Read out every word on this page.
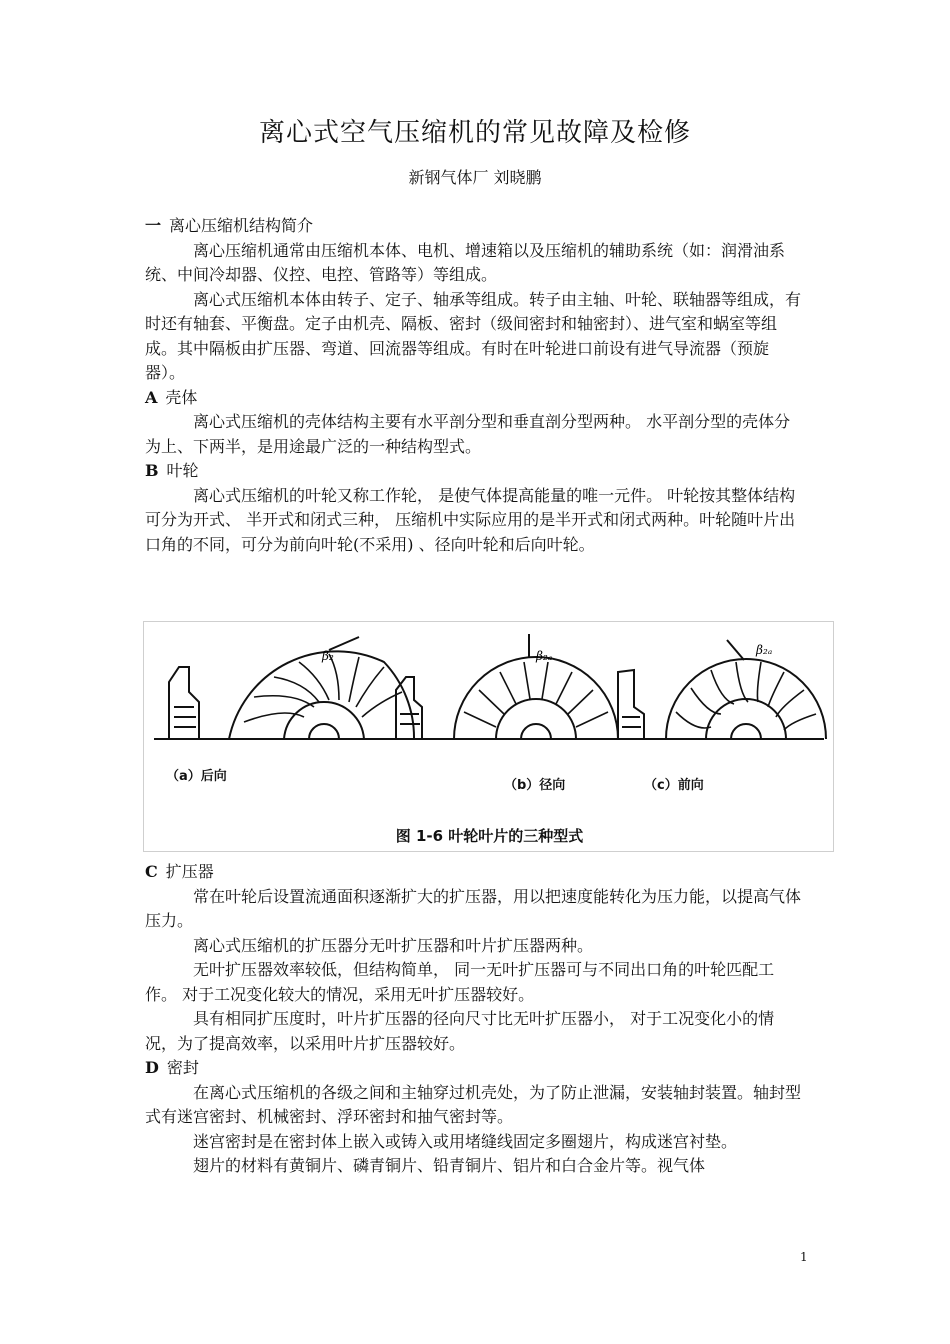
离心式空气压缩机的常见故障及检修
新钢气体厂 刘晓鹏

一 离心压缩机结构简介

离心压缩机通常由压缩机本体、电机、增速箱以及压缩机的辅助系统（如：润滑油系统、中间冷却器、仪控、电控、管路等）等组成。

离心式压缩机本体由转子、定子、轴承等组成。转子由主轴、叶轮、联轴器等组成，有时还有轴套、平衡盘。定子由机壳、隔板、密封（级间密封和轴密封）、进气室和蜗室等组成。其中隔板由扩压器、弯道、回流器等组成。有时在叶轮进口前设有进气导流器（预旋器）。

A 壳体

离心式压缩机的壳体结构主要有水平剖分型和垂直剖分型两种。 水平剖分型的壳体分为上、下两半，是用途最广泛的一种结构型式。

B 叶轮

离心式压缩机的叶轮又称工作轮， 是使气体提高能量的唯一元件。 叶轮按其整体结构可分为开式、 半开式和闭式三种， 压缩机中实际应用的是半开式和闭式两种。叶轮随叶片出口角的不同，可分为前向叶轮(不采用) 、径向叶轮和后向叶轮。

β₂	β₂ₐ	β₂ₐ
（a）后向
（b）径向	（c）前向
图 1-6 叶轮叶片的三种型式

C 扩压器

常在叶轮后设置流通面积逐渐扩大的扩压器，用以把速度能转化为压力能，以提高气体压力。

离心式压缩机的扩压器分无叶扩压器和叶片扩压器两种。

无叶扩压器效率较低，但结构简单， 同一无叶扩压器可与不同出口角的叶轮匹配工作。 对于工况变化较大的情况，采用无叶扩压器较好。

具有相同扩压度时，叶片扩压器的径向尺寸比无叶扩压器小， 对于工况变化小的情况，为了提高效率，以采用叶片扩压器较好。

D 密封

在离心式压缩机的各级之间和主轴穿过机壳处，为了防止泄漏，安装轴封装置。轴封型式有迷宫密封、机械密封、浮环密封和抽气密封等。

迷宫密封是在密封体上嵌入或铸入或用堵缝线固定多圈翅片，构成迷宫衬垫。

翅片的材料有黄铜片、磷青铜片、铅青铜片、铝片和白合金片等。视气体

1
